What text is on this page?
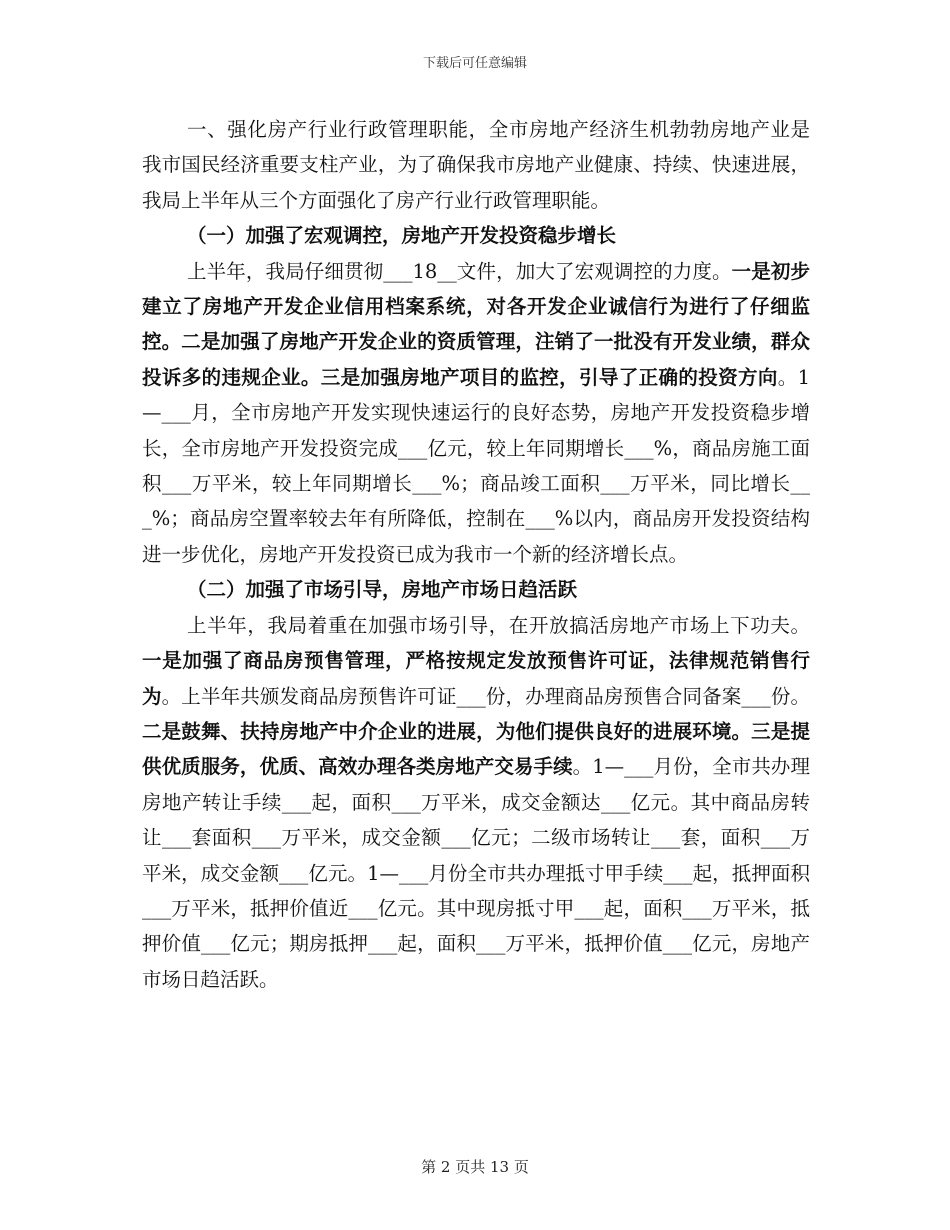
下载后可任意编辑

一、强化房产行业行政管理职能，全市房地产经济生机勃勃房地产业是我市国民经济重要支柱产业，为了确保我市房地产业健康、持续、快速进展，我局上半年从三个方面强化了房产行业行政管理职能。

（一）加强了宏观调控，房地产开发投资稳步增长

上半年，我局仔细贯彻___18__文件，加大了宏观调控的力度。一是初步建立了房地产开发企业信用档案系统，对各开发企业诚信行为进行了仔细监控。二是加强了房地产开发企业的资质管理，注销了一批没有开发业绩，群众投诉多的违规企业。三是加强房地产项目的监控，引导了正确的投资方向。1—___月，全市房地产开发实现快速运行的良好态势，房地产开发投资稳步增长，全市房地产开发投资完成___亿元，较上年同期增长___%，商品房施工面积___万平米，较上年同期增长___%；商品竣工面积___万平米，同比增长___%；商品房空置率较去年有所降低，控制在___%以内，商品房开发投资结构进一步优化，房地产开发投资已成为我市一个新的经济增长点。

（二）加强了市场引导，房地产市场日趋活跃

上半年，我局着重在加强市场引导，在开放搞活房地产市场上下功夫。一是加强了商品房预售管理，严格按规定发放预售许可证，法律规范销售行为。上半年共颁发商品房预售许可证___份，办理商品房预售合同备案___份。二是鼓舞、扶持房地产中介企业的进展，为他们提供良好的进展环境。三是提供优质服务，优质、高效办理各类房地产交易手续。1—___月份，全市共办理房地产转让手续___起，面积___万平米，成交金额达___亿元。其中商品房转让___套面积___万平米，成交金额___亿元；二级市场转让___套，面积___万平米，成交金额___亿元。1—___月份全市共办理抵寸甲手续___起，抵押面积___万平米，抵押价值近___亿元。其中现房抵寸甲___起，面积___万平米，抵押价值___亿元；期房抵押___起，面积___万平米，抵押价值___亿元，房地产市场日趋活跃。

第 2 页共 13 页
